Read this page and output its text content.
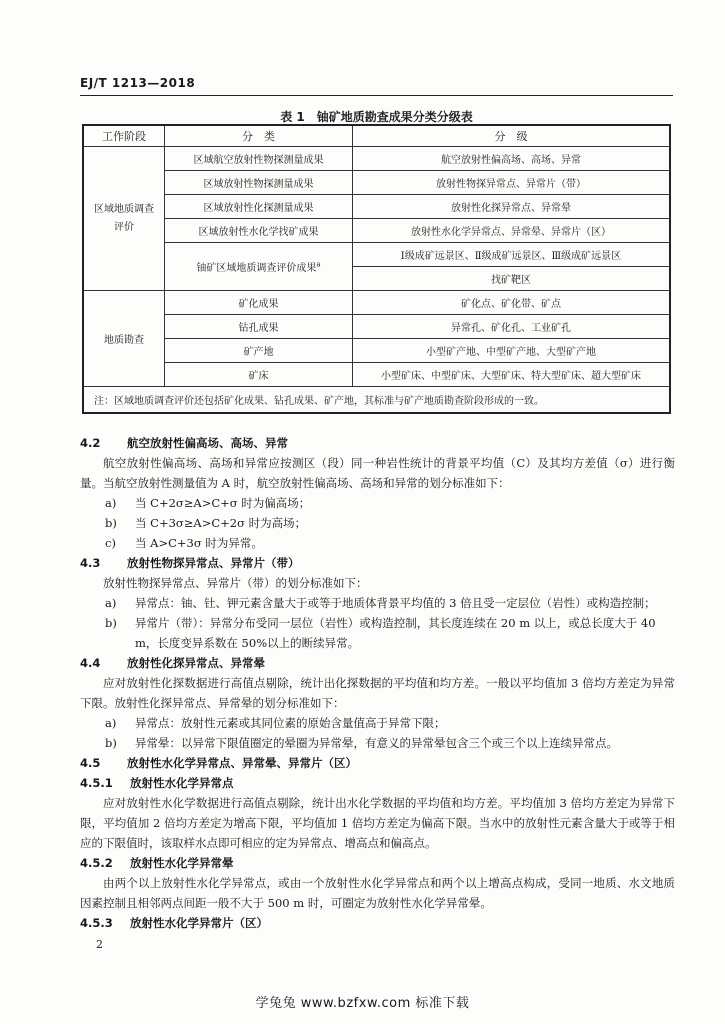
EJ/T 1213—2018
表 1　铀矿地质勘查成果分类分级表
工作阶段	分　类	分　级
区域地质调查评价	区域航空放射性物探测量成果	航空放射性偏高场、高场、异常
	区域放射性物探测量成果	放射性物探异常点、异常片（带）
	区域放射性化探测量成果	放射性化探异常点、异常晕
	区域放射性水化学找矿成果	放射性水化学异常点、异常晕、异常片（区）
	铀矿区域地质调查评价成果$^a$	Ⅰ级成矿远景区、Ⅱ级成矿远景区、Ⅲ级成矿远景区
		找矿靶区
地质勘查	矿化成果	矿化点、矿化带、矿点
	钻孔成果	异常孔、矿化孔、工业矿孔
	矿产地	小型矿产地、中型矿产地、大型矿产地
	矿床	小型矿床、中型矿床、大型矿床、特大型矿床、超大型矿床
注：区域地质调查评价还包括矿化成果、钻孔成果、矿产地，其标准与矿产地质勘查阶段形成的一致。		
4.2 航空放射性偏高场、高场、异常
航空放射性偏高场、高场和异常应按测区（段）同一种岩性统计的背景平均值（C）及其均方差值（σ）进行衡量。当航空放射性测量值为 A 时，航空放射性偏高场、高场和异常的划分标准如下：
a) 当 C+2σ≥A>C+σ 时为偏高场；
b) 当 C+3σ≥A>C+2σ 时为高场；
c) 当 A>C+3σ 时为异常。
4.3 放射性物探异常点、异常片（带）
放射性物探异常点、异常片（带）的划分标准如下：
a) 异常点：铀、钍、钾元素含量大于或等于地质体背景平均值的 3 倍且受一定层位（岩性）或构造控制；
b) 异常片（带）：异常分布受同一层位（岩性）或构造控制，其长度连续在 20 m 以上，或总长度大于 40 m，长度变异系数在 50%以上的断续异常。
4.4 放射性化探异常点、异常晕
应对放射性化探数据进行高值点剔除，统计出化探数据的平均值和均方差。一般以平均值加 3 倍均方差定为异常下限。放射性化探异常点、异常晕的划分标准如下：
a) 异常点：放射性元素或其同位素的原始含量值高于异常下限；
b) 异常晕：以异常下限值圈定的晕圈为异常晕，有意义的异常晕包含三个或三个以上连续异常点。
4.5 放射性水化学异常点、异常晕、异常片（区）
4.5.1 放射性水化学异常点
应对放射性水化学数据进行高值点剔除，统计出水化学数据的平均值和均方差。平均值加 3 倍均方差定为异常下限，平均值加 2 倍均方差定为增高下限，平均值加 1 倍均方差定为偏高下限。当水中的放射性元素含量大于或等于相应的下限值时，该取样水点即可相应的定为异常点、增高点和偏高点。
4.5.2 放射性水化学异常晕
由两个以上放射性水化学异常点，或由一个放射性水化学异常点和两个以上增高点构成，受同一地质、水文地质因素控制且相邻两点间距一般不大于 500 m 时，可圈定为放射性水化学异常晕。
4.5.3 放射性水化学异常片（区）
2
学兔兔 www.bzfxw.com 标准下载
